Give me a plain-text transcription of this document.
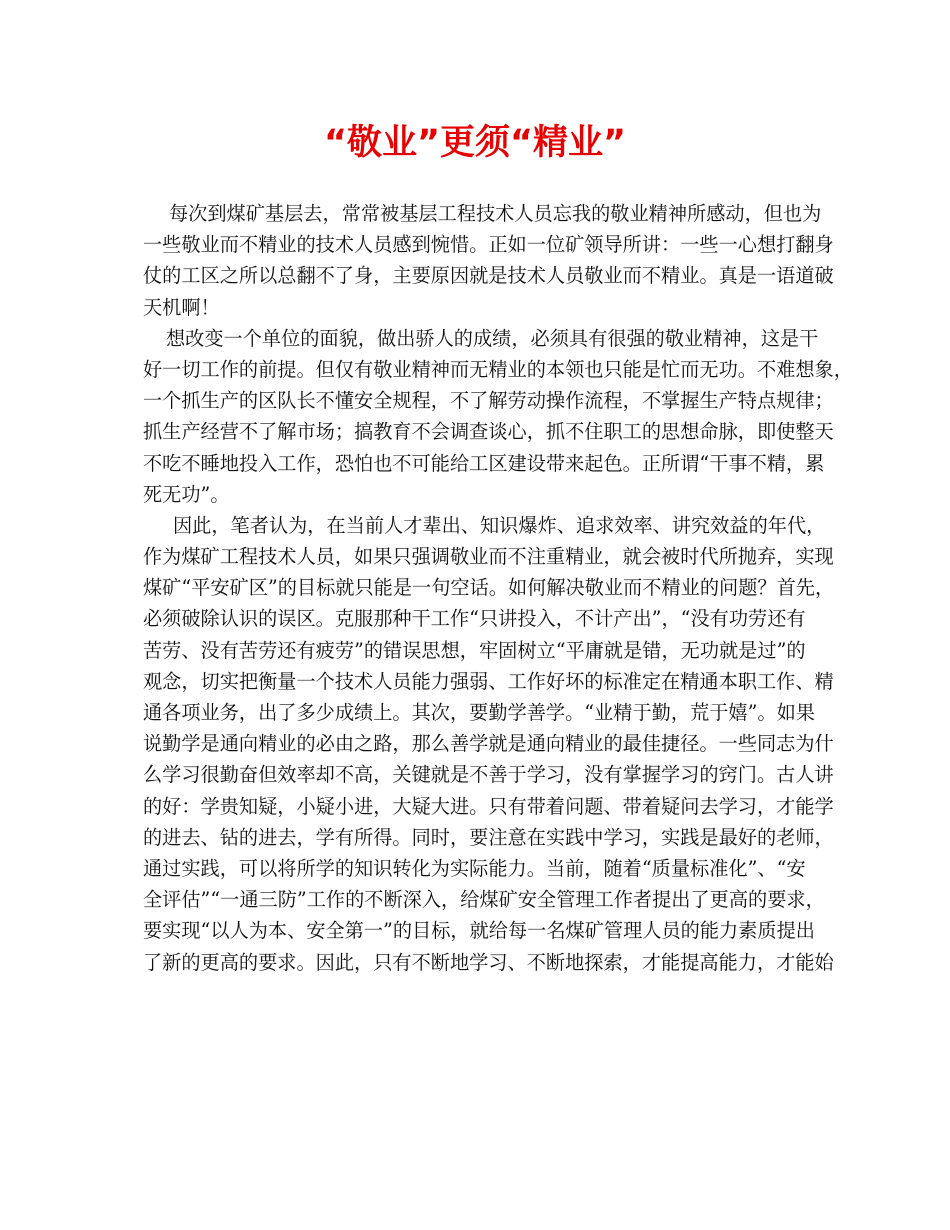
“敬业”更须“精业”
每次到煤矿基层去，常常被基层工程技术人员忘我的敬业精神所感动，但也为
一些敬业而不精业的技术人员感到惋惜。正如一位矿领导所讲：一些一心想打翻身
仗的工区之所以总翻不了身，主要原因就是技术人员敬业而不精业。真是一语道破
天机啊！
想改变一个单位的面貌，做出骄人的成绩，必须具有很强的敬业精神，这是干
好一切工作的前提。但仅有敬业精神而无精业的本领也只能是忙而无功。不难想象，
一个抓生产的区队长不懂安全规程，不了解劳动操作流程，不掌握生产特点规律；
抓生产经营不了解市场；搞教育不会调查谈心，抓不住职工的思想命脉，即使整天
不吃不睡地投入工作，恐怕也不可能给工区建设带来起色。正所谓“干事不精，累
死无功”。
因此，笔者认为，在当前人才辈出、知识爆炸、追求效率、讲究效益的年代，
作为煤矿工程技术人员，如果只强调敬业而不注重精业，就会被时代所抛弃，实现
煤矿“平安矿区”的目标就只能是一句空话。如何解决敬业而不精业的问题？首先，
必须破除认识的误区。克服那种干工作“只讲投入，不计产出”，“没有功劳还有
苦劳、没有苦劳还有疲劳”的错误思想，牢固树立“平庸就是错，无功就是过”的
观念，切实把衡量一个技术人员能力强弱、工作好坏的标准定在精通本职工作、精
通各项业务，出了多少成绩上。其次，要勤学善学。“业精于勤，荒于嬉”。如果
说勤学是通向精业的必由之路，那么善学就是通向精业的最佳捷径。一些同志为什
么学习很勤奋但效率却不高，关键就是不善于学习，没有掌握学习的窍门。古人讲
的好：学贵知疑，小疑小进，大疑大进。只有带着问题、带着疑问去学习，才能学
的进去、钻的进去，学有所得。同时，要注意在实践中学习，实践是最好的老师，
通过实践，可以将所学的知识转化为实际能力。当前，随着“质量标准化”、“安
全评估”“一通三防”工作的不断深入，给煤矿安全管理工作者提出了更高的要求，
要实现“以人为本、安全第一”的目标，就给每一名煤矿管理人员的能力素质提出
了新的更高的要求。因此，只有不断地学习、不断地探索，才能提高能力，才能始
